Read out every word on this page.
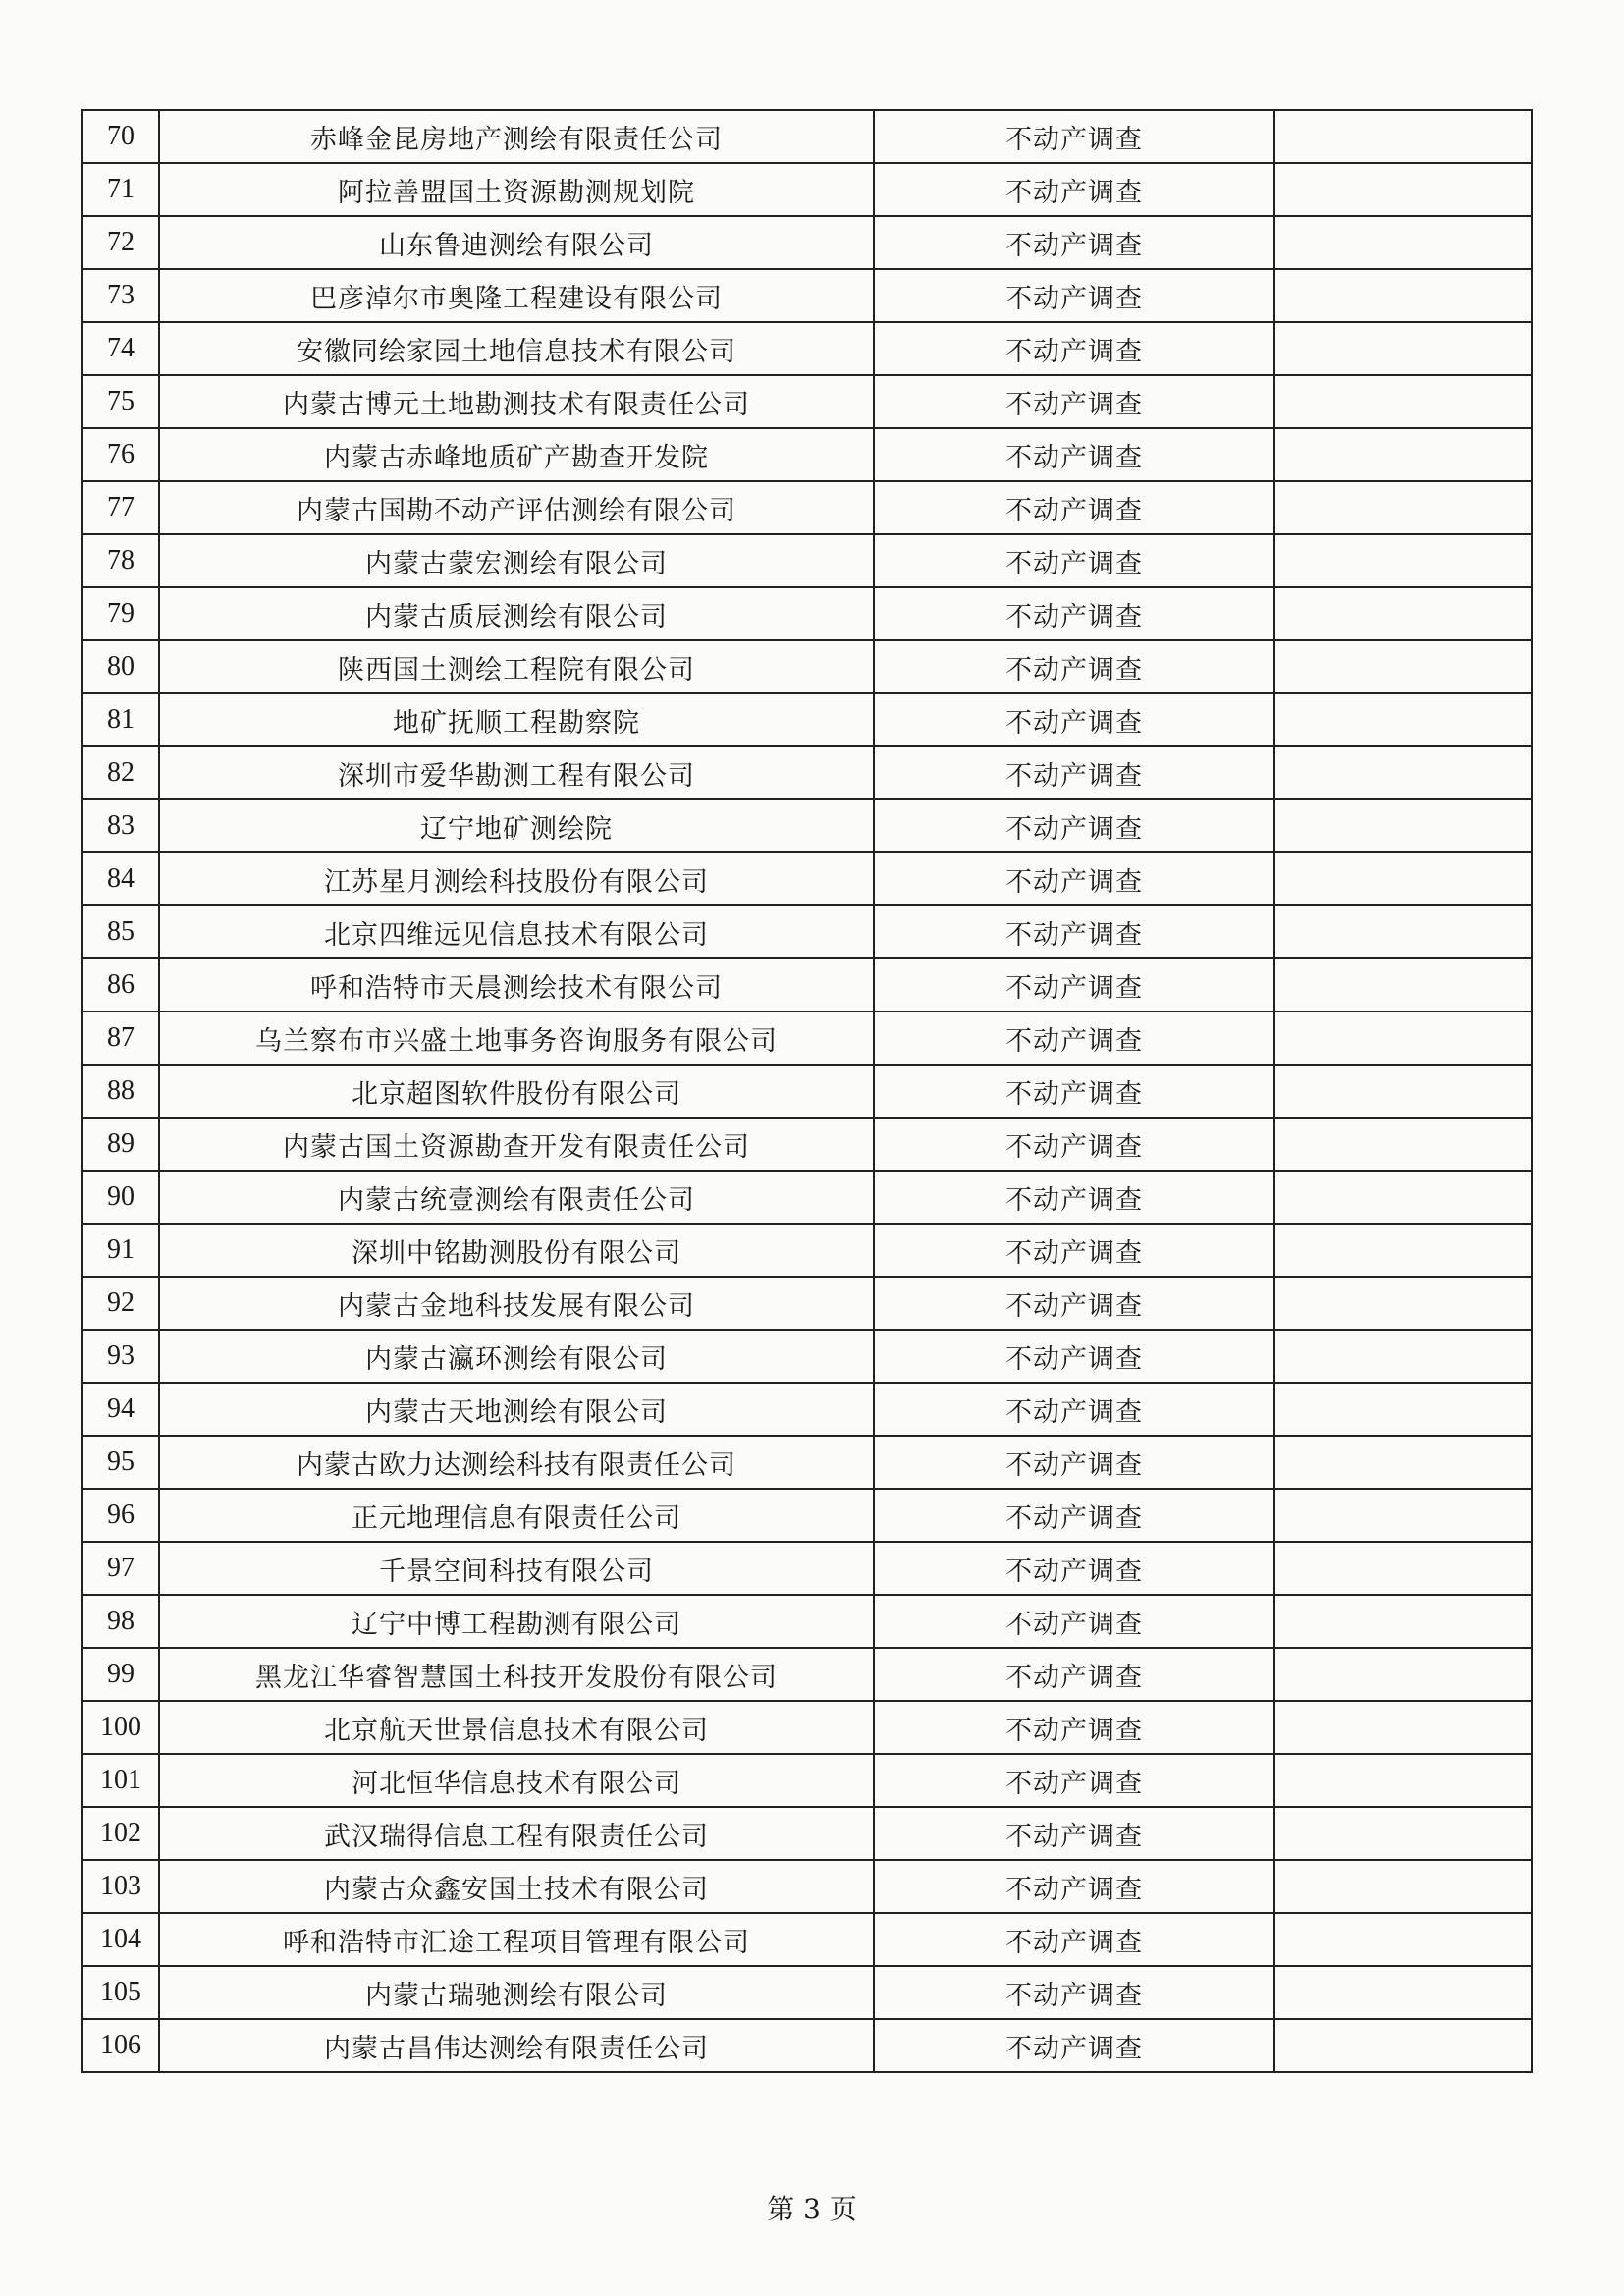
70	赤峰金昆房地产测绘有限责任公司	不动产调查	
71	阿拉善盟国土资源勘测规划院	不动产调查	
72	山东鲁迪测绘有限公司	不动产调查	
73	巴彦淖尔市奥隆工程建设有限公司	不动产调查	
74	安徽同绘家园土地信息技术有限公司	不动产调查	
75	内蒙古博元土地勘测技术有限责任公司	不动产调查	
76	内蒙古赤峰地质矿产勘查开发院	不动产调查	
77	内蒙古国勘不动产评估测绘有限公司	不动产调查	
78	内蒙古蒙宏测绘有限公司	不动产调查	
79	内蒙古质辰测绘有限公司	不动产调查	
80	陕西国土测绘工程院有限公司	不动产调查	
81	地矿抚顺工程勘察院	不动产调查	
82	深圳市爱华勘测工程有限公司	不动产调查	
83	辽宁地矿测绘院	不动产调查	
84	江苏星月测绘科技股份有限公司	不动产调查	
85	北京四维远见信息技术有限公司	不动产调查	
86	呼和浩特市天晨测绘技术有限公司	不动产调查	
87	乌兰察布市兴盛土地事务咨询服务有限公司	不动产调查	
88	北京超图软件股份有限公司	不动产调查	
89	内蒙古国土资源勘查开发有限责任公司	不动产调查	
90	内蒙古统壹测绘有限责任公司	不动产调查	
91	深圳中铭勘测股份有限公司	不动产调查	
92	内蒙古金地科技发展有限公司	不动产调查	
93	内蒙古瀛环测绘有限公司	不动产调查	
94	内蒙古天地测绘有限公司	不动产调查	
95	内蒙古欧力达测绘科技有限责任公司	不动产调查	
96	正元地理信息有限责任公司	不动产调查	
97	千景空间科技有限公司	不动产调查	
98	辽宁中博工程勘测有限公司	不动产调查	
99	黑龙江华睿智慧国土科技开发股份有限公司	不动产调查	
100	北京航天世景信息技术有限公司	不动产调查	
101	河北恒华信息技术有限公司	不动产调查	
102	武汉瑞得信息工程有限责任公司	不动产调查	
103	内蒙古众鑫安国土技术有限公司	不动产调查	
104	呼和浩特市汇途工程项目管理有限公司	不动产调查	
105	内蒙古瑞驰测绘有限公司	不动产调查	
106	内蒙古昌伟达测绘有限责任公司	不动产调查	
第 3 页
